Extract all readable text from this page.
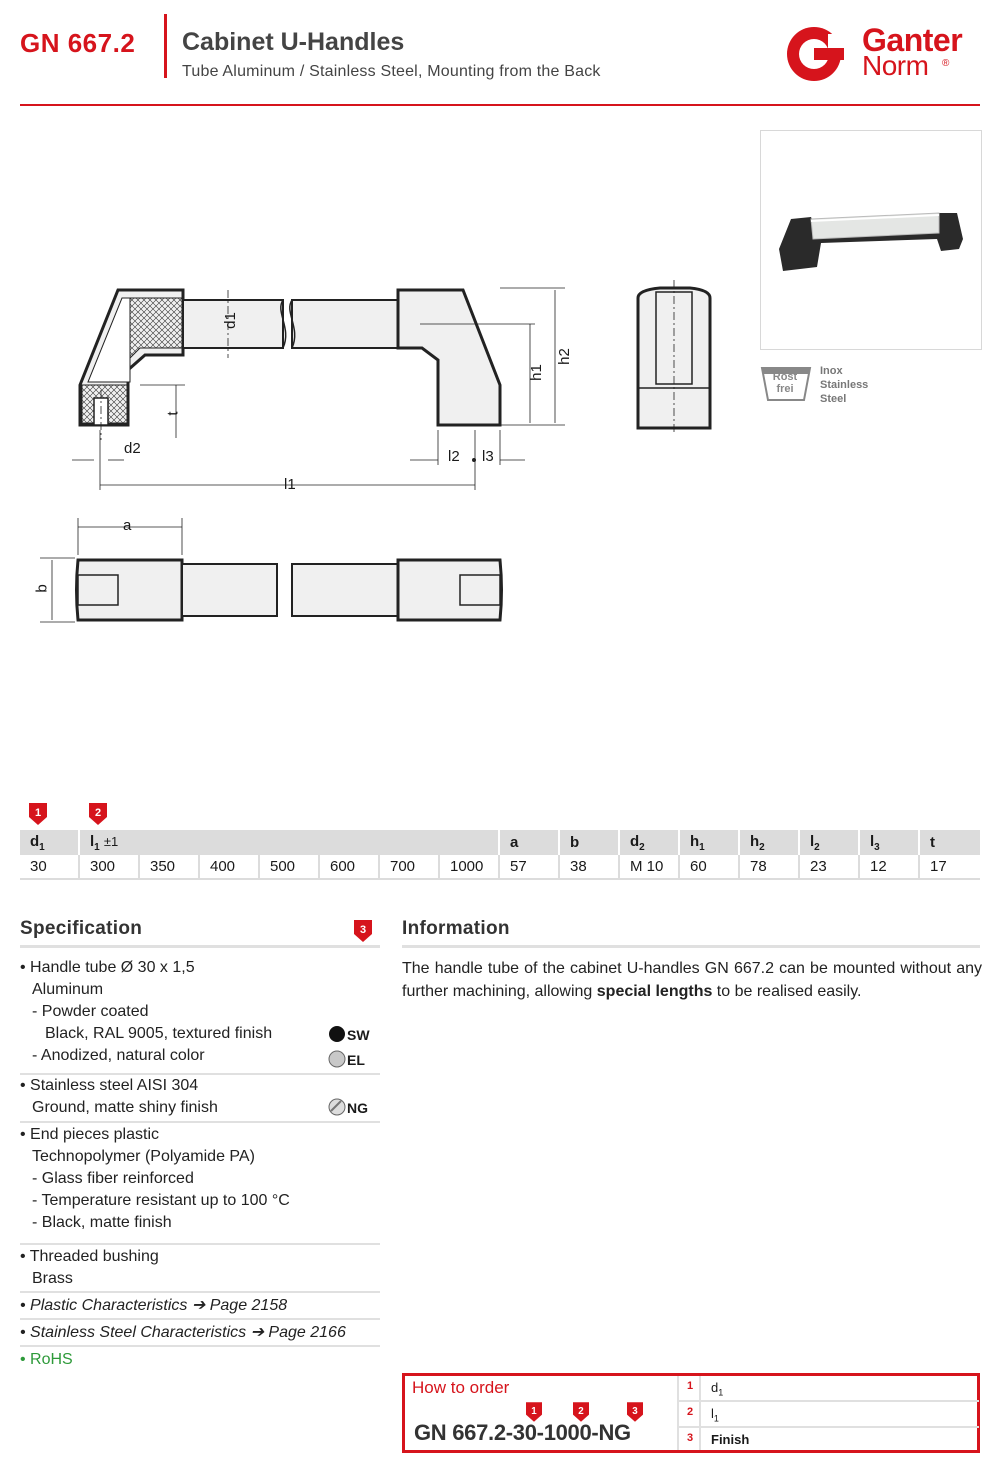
GN 667.2 Cabinet U-Handles
Tube Aluminum / Stainless Steel, Mounting from the Back
Ganter
Norm ®
d1
d2
t
h1
h2
l1
l2 l3
a
b
Rost
frei
Inox
Stainless
Steel
1	2
$d_1$	$l_1 \pm 1$							a	b	$d_2$	$h_1$	$h_2$	$l_2$	$l_3$	t
30	300	350	400	500	600	700	1000	57	38	M 10	60	78	23	12	17
Specification	3
• Handle tube Ø 30 x 1,5
Aluminum
- Powder coated
Black, RAL 9005, textured finish
- Anodized, natural color
SW
EL
• Stainless steel AISI 304
Ground, matte shiny finish	NG
• End pieces plastic
Technopolymer (Polyamide PA)
- Glass fiber reinforced
- Temperature resistant up to 100 °C
- Black, matte finish
• Threaded bushing
Brass
• Plastic Characteristics ➔ Page 2158
• Stainless Steel Characteristics ➔ Page 2166
• RoHS
Information
The handle tube of the cabinet U-handles GN 667.2 can be mounted without any further machining, allowing special lengths to be realised easily.
How to order
1	2	3
GN 667.2-30-1000-NG
1 $d_1$
2 $l_1$
3 Finish
